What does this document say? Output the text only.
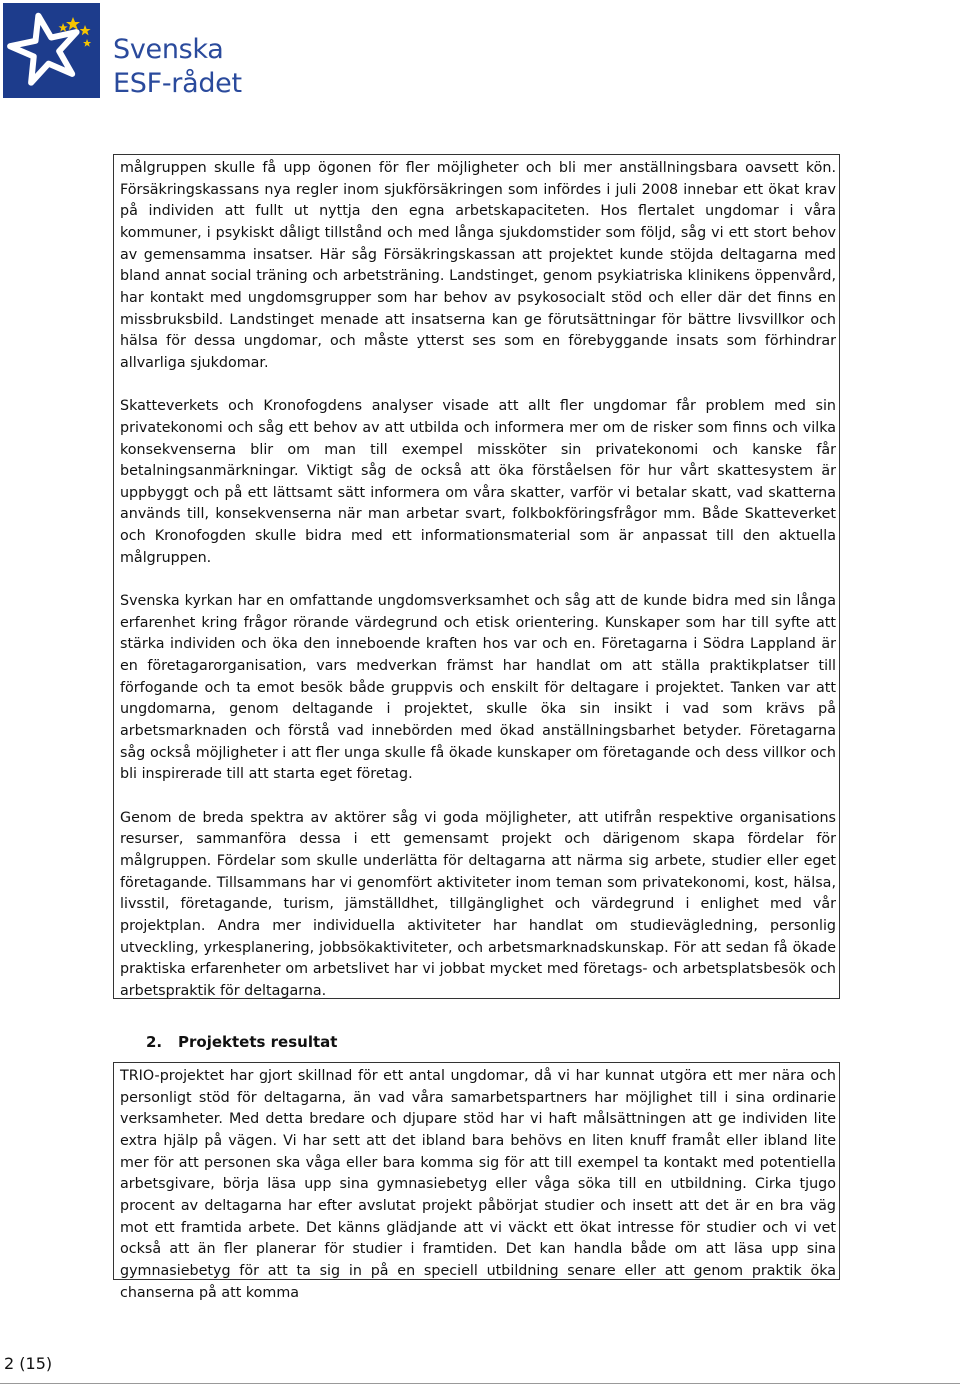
Svenska
ESF-rådet

målgruppen skulle få upp ögonen för fler möjligheter och bli mer anställningsbara oavsett kön. Försäkringskassans nya regler inom sjukförsäkringen som infördes i juli 2008 innebar ett ökat krav på individen att fullt ut nyttja den egna arbetskapaciteten. Hos flertalet ungdomar i våra kommuner, i psykiskt dåligt tillstånd och med långa sjukdomstider som följd, såg vi ett stort behov av gemensamma insatser. Här såg Försäkringskassan att projektet kunde stöjda deltagarna med bland annat social träning och arbetsträning. Landstinget, genom psykiatriska klinikens öppenvård, har kontakt med ungdomsgrupper som har behov av psykosocialt stöd och eller där det finns en missbruksbild. Landstinget menade att insatserna kan ge förutsättningar för bättre livsvillkor och hälsa för dessa ungdomar, och måste ytterst ses som en förebyggande insats som förhindrar allvarliga sjukdomar.

Skatteverkets och Kronofogdens analyser visade att allt fler ungdomar får problem med sin privatekonomi och såg ett behov av att utbilda och informera mer om de risker som finns och vilka konsekvenserna blir om man till exempel missköter sin privatekonomi och kanske får betalningsanmärkningar. Viktigt såg de också att öka förståelsen för hur vårt skattesystem är uppbyggt och på ett lättsamt sätt informera om våra skatter, varför vi betalar skatt, vad skatterna används till, konsekvenserna när man arbetar svart, folkbokföringsfrågor mm. Både Skatteverket och Kronofogden skulle bidra med ett informationsmaterial som är anpassat till den aktuella målgruppen.

Svenska kyrkan har en omfattande ungdomsverksamhet och såg att de kunde bidra med sin långa erfarenhet kring frågor rörande värdegrund och etisk orientering. Kunskaper som har till syfte att stärka individen och öka den inneboende kraften hos var och en. Företagarna i Södra Lappland är en företagarorganisation, vars medverkan främst har handlat om att ställa praktikplatser till förfogande och ta emot besök både gruppvis och enskilt för deltagare i projektet. Tanken var att ungdomarna, genom deltagande i projektet, skulle öka sin insikt i vad som krävs på arbetsmarknaden och förstå vad innebörden med ökad anställningsbarhet betyder. Företagarna såg också möjligheter i att fler unga skulle få ökade kunskaper om företagande och dess villkor och bli inspirerade till att starta eget företag.

Genom de breda spektra av aktörer såg vi goda möjligheter, att utifrån respektive organisations resurser, sammanföra dessa i ett gemensamt projekt och därigenom skapa fördelar för målgruppen. Fördelar som skulle underlätta för deltagarna att närma sig arbete, studier eller eget företagande. Tillsammans har vi genomfört aktiviteter inom teman som privatekonomi, kost, hälsa, livsstil, företagande, turism, jämställdhet, tillgänglighet och värdegrund i enlighet med vår projektplan. Andra mer individuella aktiviteter har handlat om studievägledning, personlig utveckling, yrkesplanering, jobbsökaktiviteter, och arbetsmarknadskunskap. För att sedan få ökade praktiska erfarenheter om arbetslivet har vi jobbat mycket med företags- och arbetsplatsbesök och arbetspraktik för deltagarna.

2. Projektets resultat

TRIO-projektet har gjort skillnad för ett antal ungdomar, då vi har kunnat utgöra ett mer nära och personligt stöd för deltagarna, än vad våra samarbetspartners har möjlighet till i sina ordinarie verksamheter. Med detta bredare och djupare stöd har vi haft målsättningen att ge individen lite extra hjälp på vägen. Vi har sett att det ibland bara behövs en liten knuff framåt eller ibland lite mer för att personen ska våga eller bara komma sig för att till exempel ta kontakt med potentiella arbetsgivare, börja läsa upp sina gymnasiebetyg eller våga söka till en utbildning. Cirka tjugo procent av deltagarna har efter avslutat projekt påbörjat studier och insett att det är en bra väg mot ett framtida arbete. Det känns glädjande att vi väckt ett ökat intresse för studier och vi vet också att än fler planerar för studier i framtiden. Det kan handla både om att läsa upp sina gymnasiebetyg för att ta sig in på en speciell utbildning senare eller att genom praktik öka chanserna på att komma

2 (15)
